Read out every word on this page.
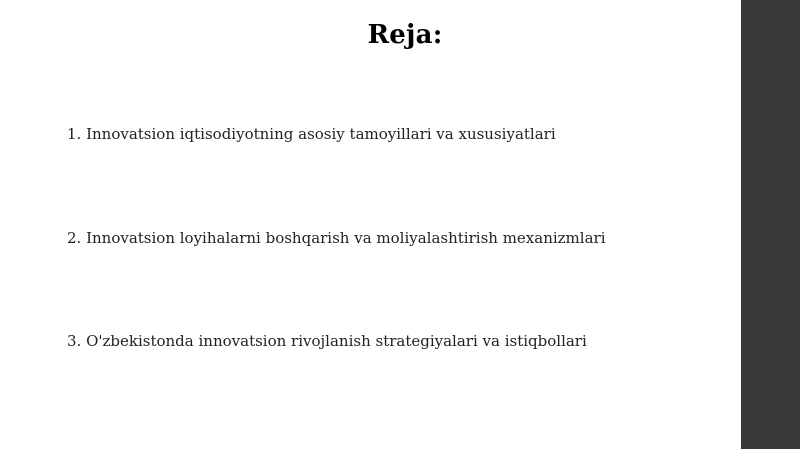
Reja:
1. Innovatsion iqtisodiyotning asosiy tamoyillari va xususiyatlari
2. Innovatsion loyihalarni boshqarish va moliyalashtirish mexanizmlari
3. O'zbekistonda innovatsion rivojlanish strategiyalari va istiqbollari
